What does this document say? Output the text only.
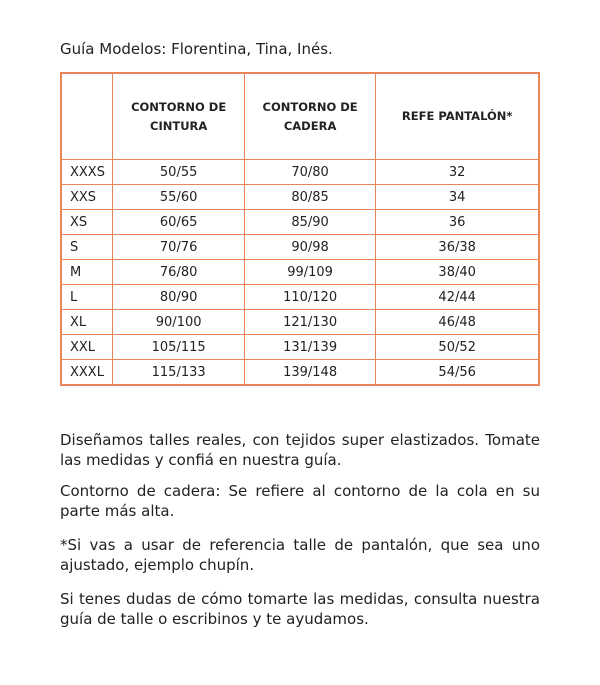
Guía Modelos: Florentina, Tina, Inés.
	CONTORNO DE CINTURA	CONTORNO DE CADERA	REFE PANTALÓN*
XXXS	50/55	70/80	32
XXS	55/60	80/85	34
XS	60/65	85/90	36
S	70/76	90/98	36/38
M	76/80	99/109	38/40
L	80/90	110/120	42/44
XL	90/100	121/130	46/48
XXL	105/115	131/139	50/52
XXXL	115/133	139/148	54/56

Diseñamos talles reales, con tejidos super elastizados. Tomate las medidas y confiá en nuestra guía.

Contorno de cadera: Se refiere al contorno de la cola en su parte más alta.

*Si vas a usar de referencia talle de pantalón, que sea uno ajustado, ejemplo chupín.

Si tenes dudas de cómo tomarte las medidas, consulta nuestra guía de talle o escribinos y te ayudamos.
